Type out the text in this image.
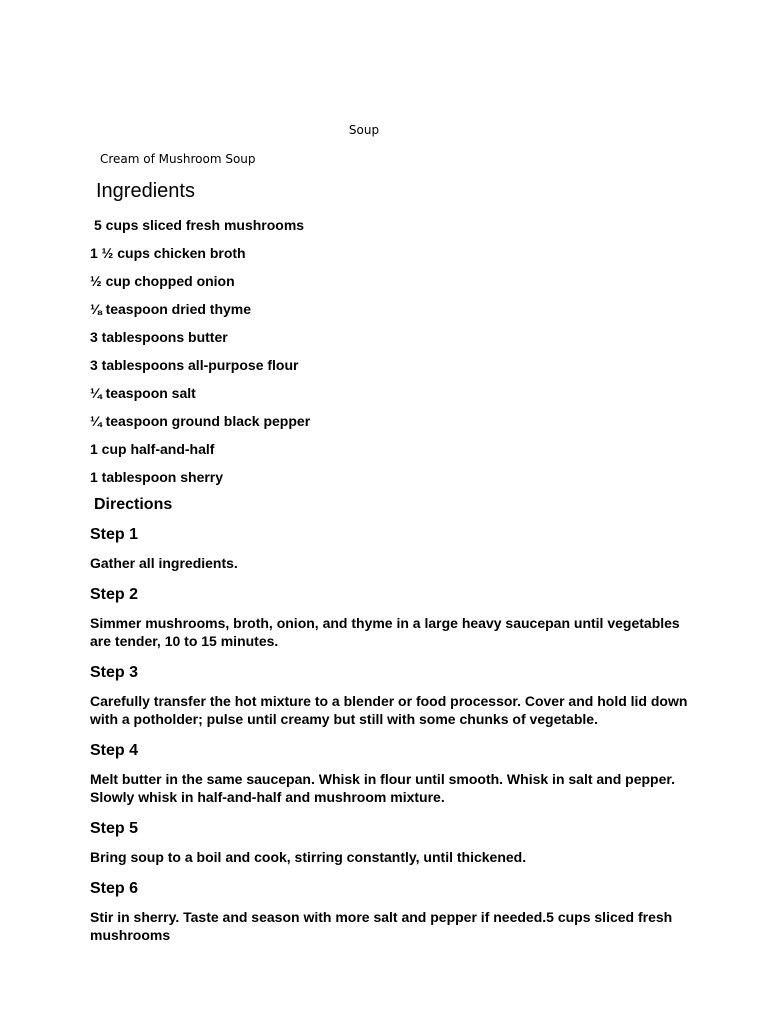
Soup
Cream of Mushroom Soup
Ingredients
5 cups sliced fresh mushrooms
1 ½ cups chicken broth
½ cup chopped onion
⅛ teaspoon dried thyme
3 tablespoons butter
3 tablespoons all-purpose flour
¼ teaspoon salt
¼ teaspoon ground black pepper
1 cup half-and-half
1 tablespoon sherry
Directions
Step 1
Gather all ingredients.
Step 2
Simmer mushrooms, broth, onion, and thyme in a large heavy saucepan until vegetables are tender, 10 to 15 minutes.
Step 3
Carefully transfer the hot mixture to a blender or food processor. Cover and hold lid down with a potholder; pulse until creamy but still with some chunks of vegetable.
Step 4
Melt butter in the same saucepan. Whisk in flour until smooth. Whisk in salt and pepper. Slowly whisk in half-and-half and mushroom mixture.
Step 5
Bring soup to a boil and cook, stirring constantly, until thickened.
Step 6
Stir in sherry. Taste and season with more salt and pepper if needed.5 cups sliced fresh mushrooms
